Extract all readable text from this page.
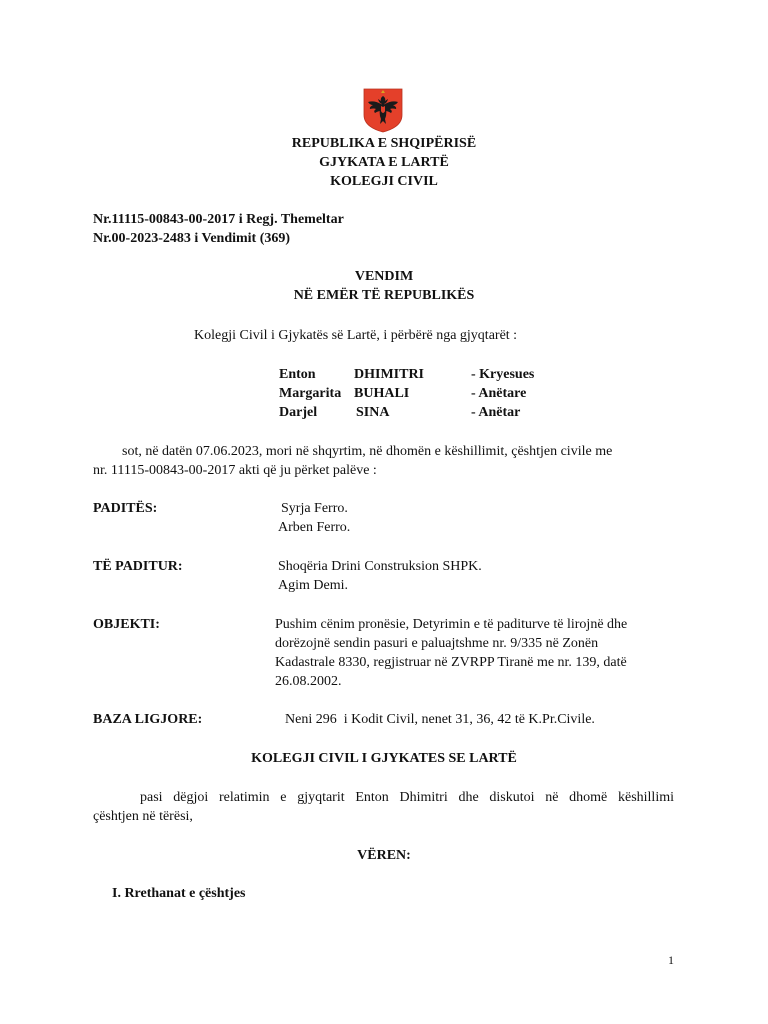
REPUBLIKA E SHQIPËRISË
GJYKATA E LARTË
KOLEGJI CIVIL
Nr.11115-00843-00-2017 i Regj. Themeltar
Nr.00-2023-2483 i Vendimit (369)
VENDIM
NË EMËR TË REPUBLIKËS
Kolegji Civil i Gjykatës së Lartë, i përbërë nga gjyqtarët :
Enton	DHIMITRI	- Kryesues
Margarita BUHALI	- Anëtare
Darjel	SINA	- Anëtar
sot, në datën 07.06.2023, mori në shqyrtim, në dhomën e këshillimit, çështjen civile me
nr. 11115-00843-00-2017 akti që ju përket palëve :
PADITËS:	Syrja Ferro.
Arben Ferro.
TË PADITUR:	Shoqëria Drini Construksion SHPK.
Agim Demi.
OBJEKTI:	Pushim cënim pronësie, Detyrimin e të paditurve të lirojnë dhe
dorëzojnë sendin pasuri e paluajtshme nr. 9/335 në Zonën
Kadastrale 8330, regjistruar në ZVRPP Tiranë me nr. 139, datë
26.08.2002.
BAZA LIGJORE:	Neni 296  i Kodit Civil, nenet 31, 36, 42 të K.Pr.Civile.
KOLEGJI CIVIL I GJYKATES SE LARTË
pasi dëgjoi relatimin e gjyqtarit Enton Dhimitri dhe diskutoi në dhomë këshillimi
çështjen në tërësi,
VËREN:
I. Rrethanat e çështjes
1
